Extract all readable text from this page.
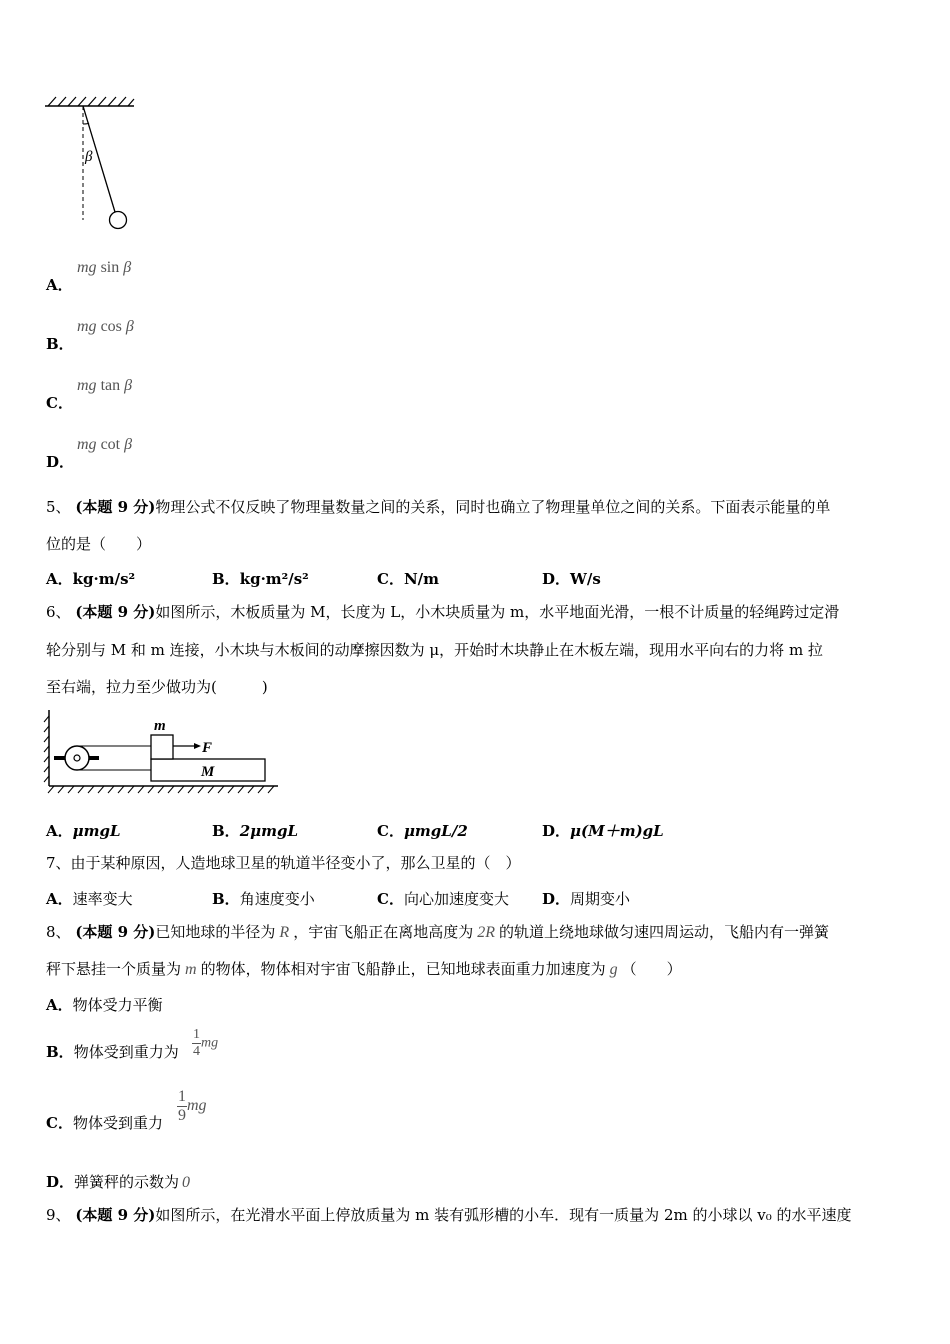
β
A．
mg sin β
B．
mg cos β
C．
mg tan β
D．
mg cot β
5、 (本题 9 分)物理公式不仅反映了物理量数量之间的关系，同时也确立了物理量单位之间的关系。下面表示能量的单
位的是（　　）
A．kg·m/s²	B．kg·m²/s²	C．N/m	D．W/s
6、 (本题 9 分)如图所示，木板质量为 M，长度为 L，小木块质量为 m，水平地面光滑，一根不计质量的轻绳跨过定滑
轮分别与 M 和 m 连接，小木块与木板间的动摩擦因数为 μ，开始时木块静止在木板左端，现用水平向右的力将 m 拉
至右端，拉力至少做功为(　　　)
m
F
M
A．μmgL	B．2μmgL	C．μmgL/2	D．μ(M＋m)gL
7、由于某种原因，人造地球卫星的轨道半径变小了，那么卫星的（　）
A．速率变大	B．角速度变小	C．向心加速度变大 D．周期变小
8、 (本题 9 分)已知地球的半径为 R ，宇宙飞船正在离地高度为 2R 的轨道上绕地球做匀速四周运动，飞船内有一弹簧
秤下悬挂一个质量为 m 的物体，物体相对宇宙飞船静止，已知地球表面重力加速度为 g （　　）
A．物体受力平衡
B．物体受到重力为 $\frac{1}{4}$ mg
C．物体受到重力 $\frac{1}{9}$ mg
D．弹簧秤的示数为 0
9、 (本题 9 分)如图所示，在光滑水平面上停放质量为 m 装有弧形槽的小车．现有一质量为 2m 的小球以 v₀ 的水平速度
